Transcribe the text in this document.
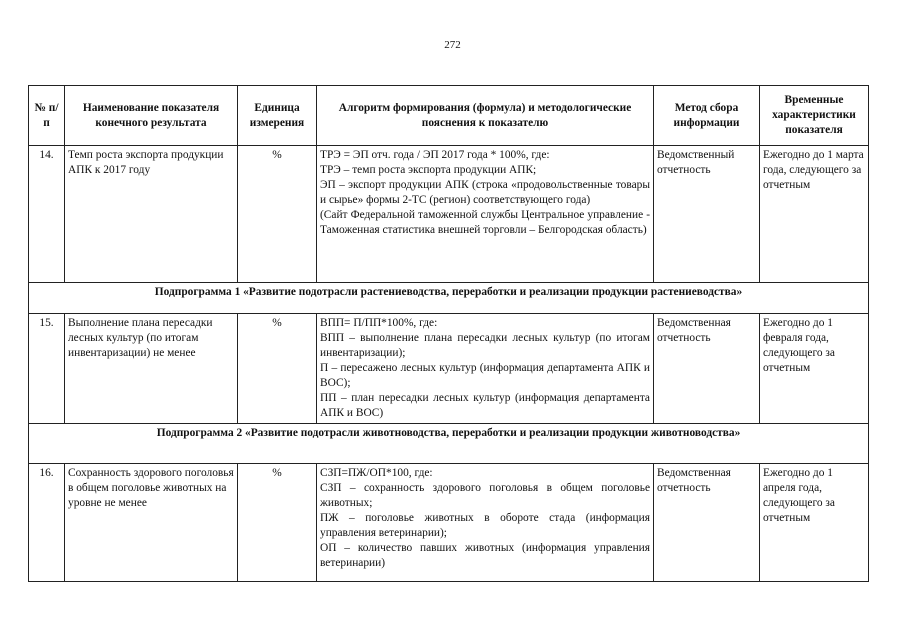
272
№ п/п	Наименование показателя конечного результата	Единица измерения	Алгоритм формирования (формула) и методологические пояснения к показателю	Метод сбора информации	Временные характеристики показателя
14.	Темп роста экспорта продукции АПК к 2017 году	%	ТРЭ = ЭП отч. года / ЭП 2017 года * 100%, где:
ТРЭ – темп роста экспорта продукции АПК;
ЭП – экспорт продукции АПК (строка «продовольственные товары и сырье» формы 2-ТС (регион) соответствующего года)
(Сайт Федеральной таможенной службы Центральное управление - Таможенная статистика внешней торговли – Белгородская область)	Ведомственный отчетность	Ежегодно до 1 марта года, следующего за отчетным
Подпрограмма 1 «Развитие подотрасли растениеводства, переработки и реализации продукции растениеводства»					
15.	Выполнение плана пересадки лесных культур (по итогам инвентаризации) не менее	%	ВПП= П/ПП*100%, где:
ВПП – выполнение плана пересадки лесных культур (по итогам инвентаризации);
П – пересажено лесных культур (информация департамента АПК и ВОС);
ПП – план пересадки лесных культур (информация департамента АПК и ВОС)	Ведомственная отчетность	Ежегодно до 1 февраля года, следующего за отчетным
Подпрограмма 2 «Развитие подотрасли животноводства, переработки и реализации продукции животноводства»					
16.	Сохранность здорового поголовья в общем поголовье животных на уровне не менее	%	СЗП=ПЖ/ОП*100, где:
СЗП – сохранность здорового поголовья в общем поголовье животных;
ПЖ – поголовье животных в обороте стада (информация управления ветеринарии);
ОП – количество павших животных (информация управления ветеринарии)	Ведомственная отчетность	Ежегодно до 1 апреля года, следующего за отчетным
